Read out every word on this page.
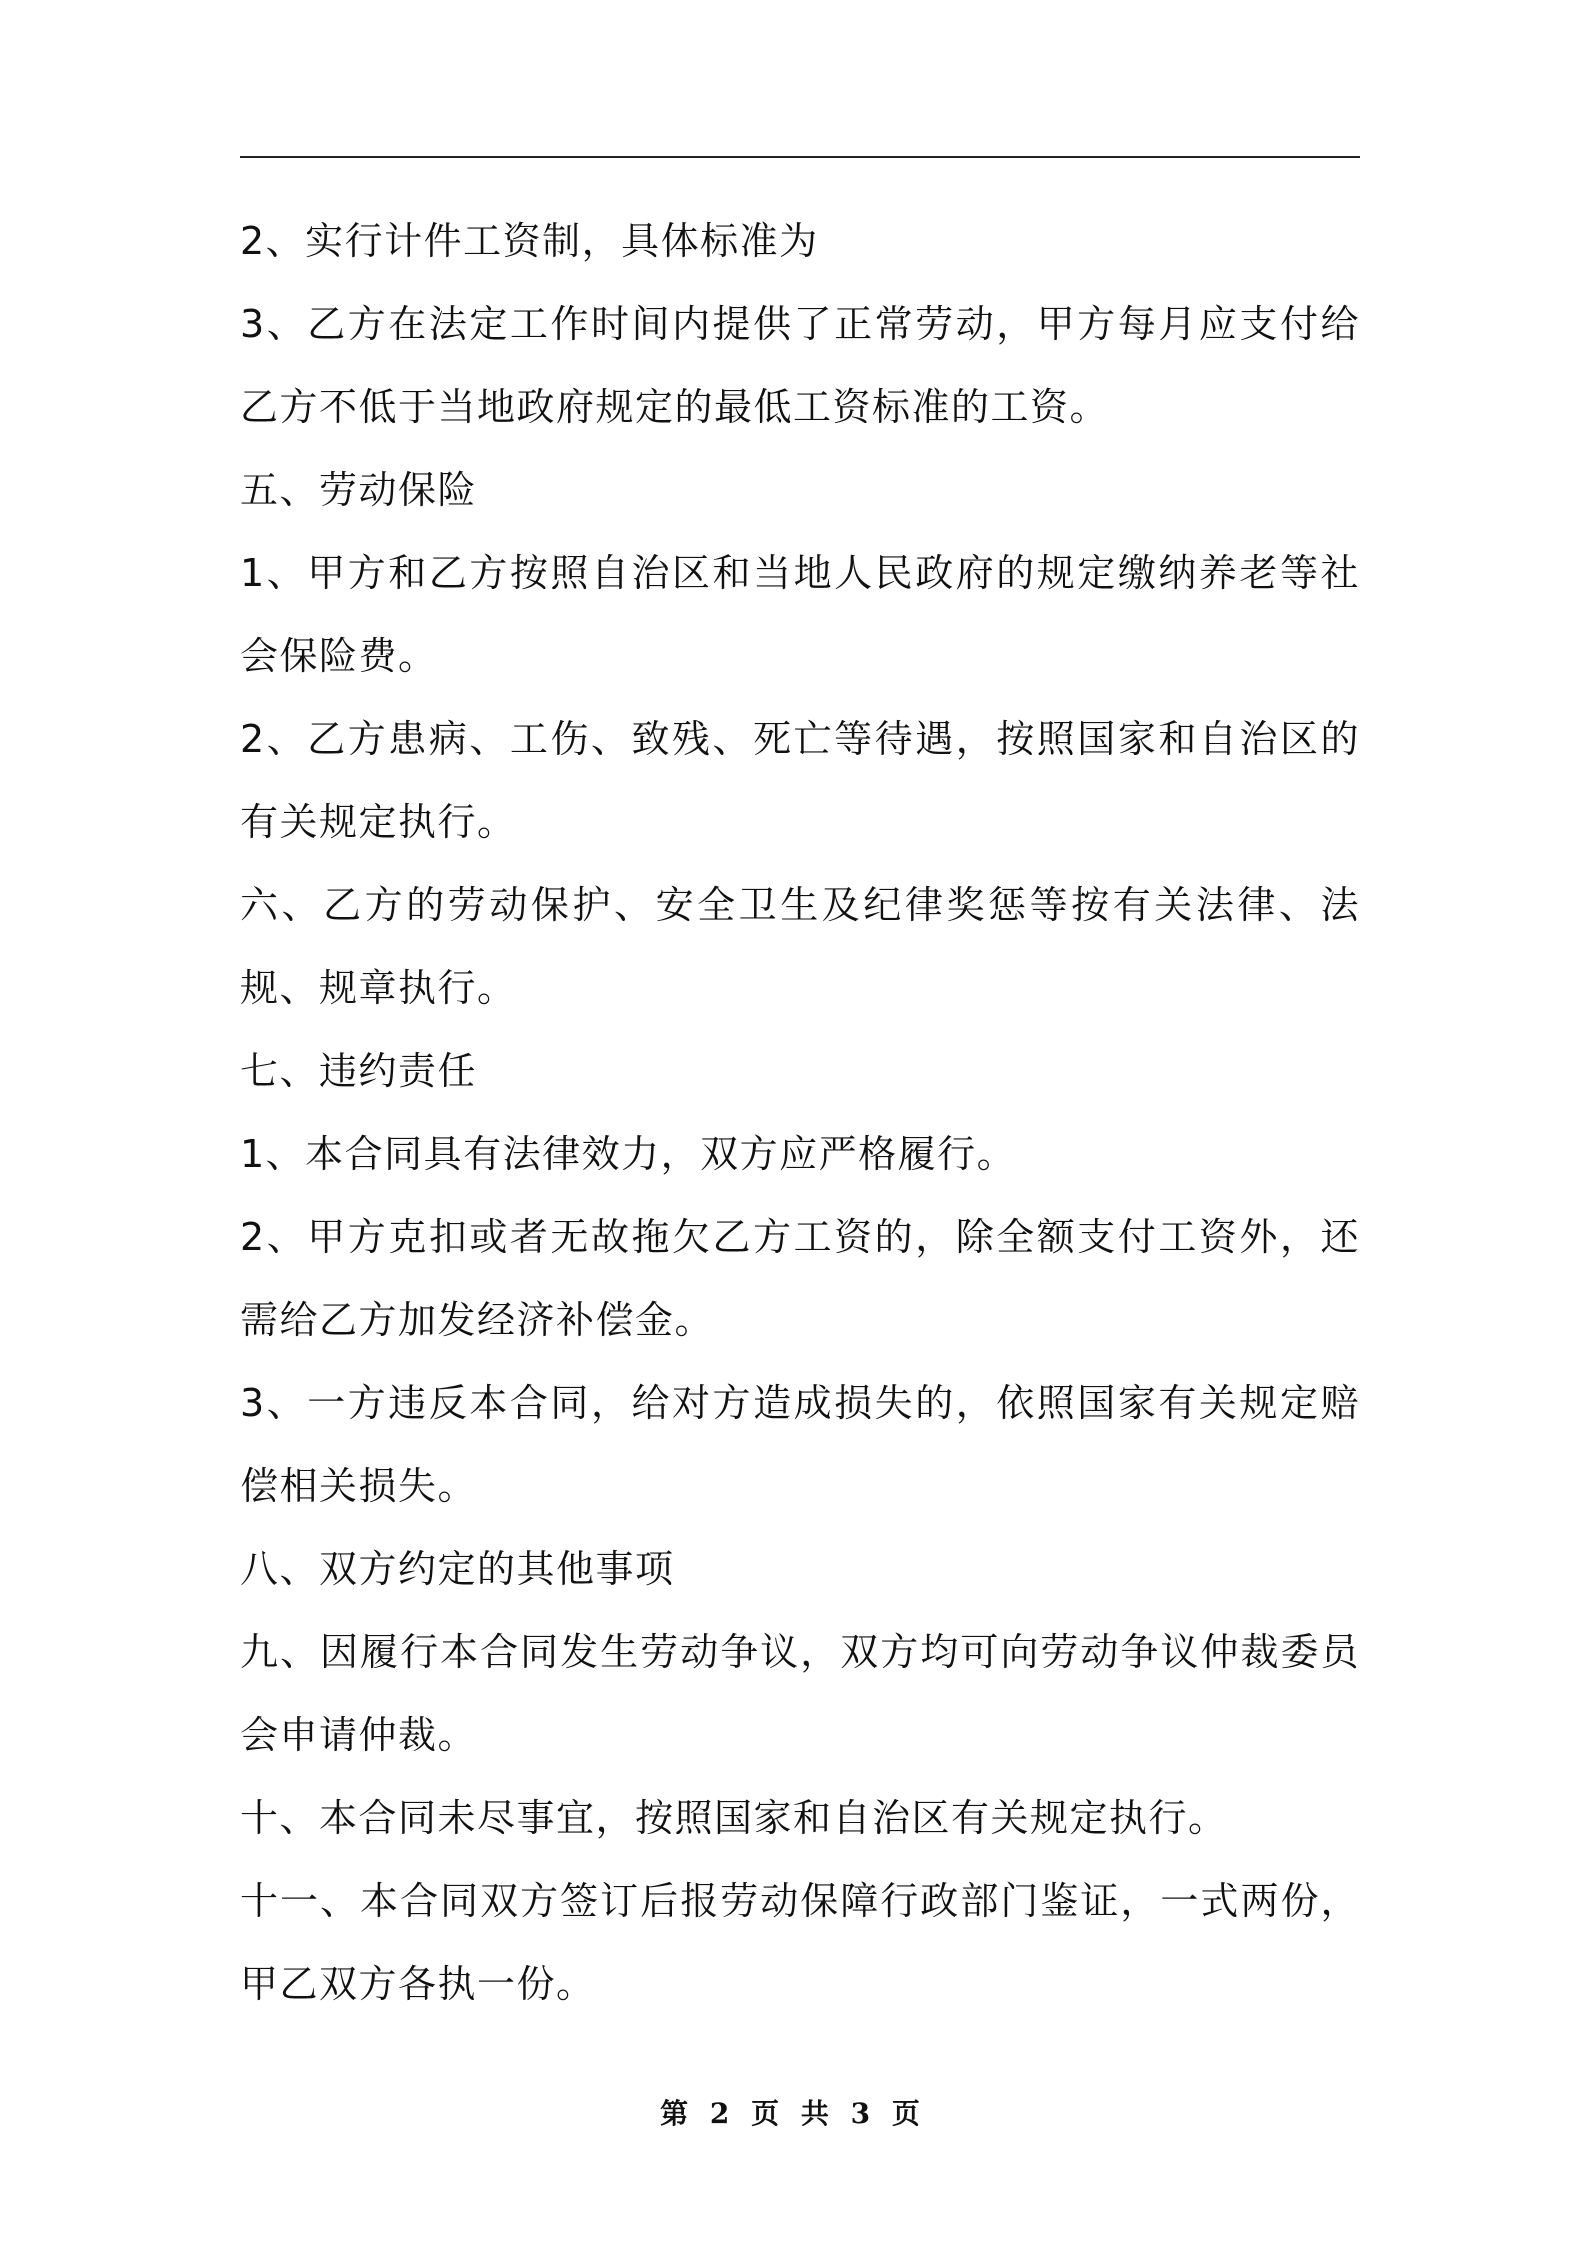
2、实行计件工资制，具体标准为

3、乙方在法定工作时间内提供了正常劳动，甲方每月应支付给乙方不低于当地政府规定的最低工资标准的工资。

五、劳动保险

1、甲方和乙方按照自治区和当地人民政府的规定缴纳养老等社会保险费。

2、乙方患病、工伤、致残、死亡等待遇，按照国家和自治区的有关规定执行。

六、乙方的劳动保护、安全卫生及纪律奖惩等按有关法律、法规、规章执行。

七、违约责任

1、本合同具有法律效力，双方应严格履行。

2、甲方克扣或者无故拖欠乙方工资的，除全额支付工资外，还需给乙方加发经济补偿金。

3、一方违反本合同，给对方造成损失的，依照国家有关规定赔偿相关损失。

八、双方约定的其他事项

九、因履行本合同发生劳动争议，双方均可向劳动争议仲裁委员会申请仲裁。

十、本合同未尽事宜，按照国家和自治区有关规定执行。

十一、本合同双方签订后报劳动保障行政部门鉴证，一式两份，甲乙双方各执一份。

第 2 页 共 3 页
